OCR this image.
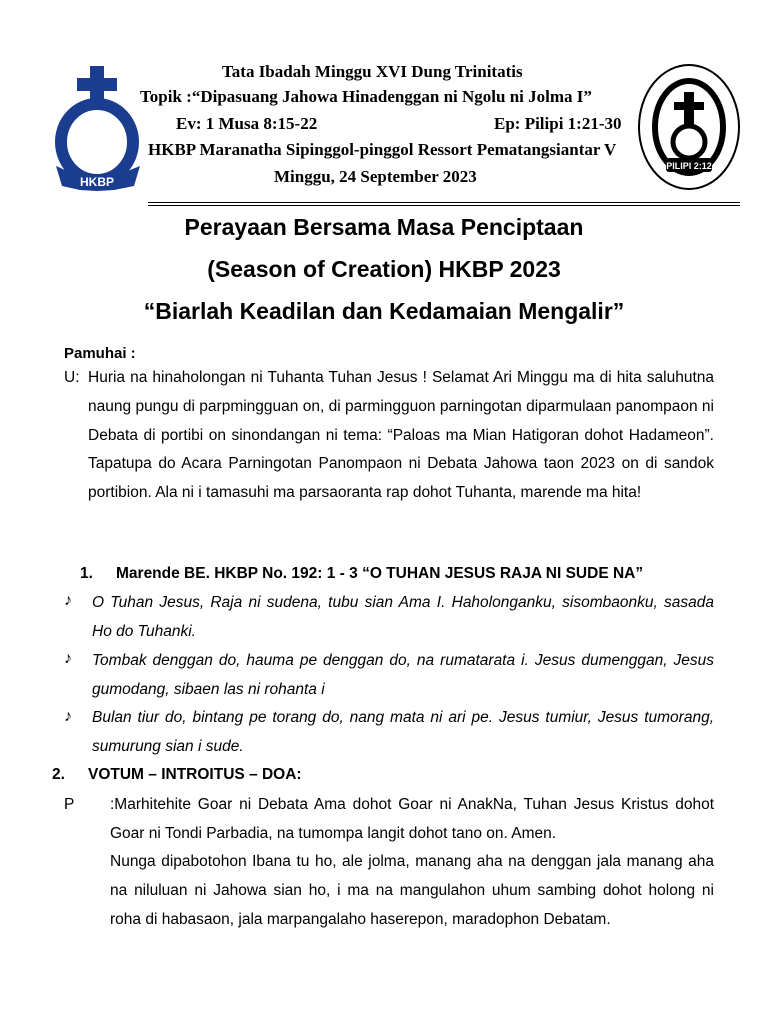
HKBP
PILIPI 2:12
Tata Ibadah Minggu XVI Dung Trinitatis
Topik :“Dipasuang Jahowa Hinadenggan ni Ngolu ni Jolma I”
Ev: 1 Musa 8:15-22	Ep: Pilipi 1:21-30
HKBP Maranatha Sipinggol-pinggol Ressort Pematangsiantar V
Minggu, 24 September 2023
Perayaan Bersama Masa Penciptaan
(Season of Creation) HKBP 2023
“Biarlah Keadilan dan Kedamaian Mengalir”
Pamuhai :
U: Huria na hinaholongan ni Tuhanta Tuhan Jesus ! Selamat Ari Minggu ma di hita saluhutna naung pungu di parpmingguan on, di parmingguon parningotan diparmulaan panompaon ni Debata di portibi on sinondangan ni tema: “Paloas ma Mian Hatigoran dohot Hadameon”. Tapatupa do Acara Parningotan Panompaon ni Debata Jahowa taon 2023 on di sandok portibion. Ala ni i tamasuhi ma parsaoranta rap dohot Tuhanta, marende ma hita!
1. Marende BE. HKBP No. 192: 1 - 3 “O TUHAN JESUS RAJA NI SUDE NA”
♪ O Tuhan Jesus, Raja ni sudena, tubu sian Ama I. Haholonganku, sisombaonku, sasada Ho do Tuhanki.
♪ Tombak denggan do, hauma pe denggan do, na rumatarata i. Jesus dumenggan, Jesus gumodang, sibaen las ni rohanta i
♪ Bulan tiur do, bintang pe torang do, nang mata ni ari pe. Jesus tumiur, Jesus tumorang, sumurung sian i sude.
2. VOTUM – INTROITUS – DOA:
P :Marhitehite Goar ni Debata Ama dohot Goar ni AnakNa, Tuhan Jesus Kristus dohot Goar ni Tondi Parbadia, na tumompa langit dohot tano on. Amen.
Nunga dipabotohon Ibana tu ho, ale jolma, manang aha na denggan jala manang aha na niluluan ni Jahowa sian ho, i ma na mangulahon uhum sambing dohot holong ni roha di habasaon, jala marpangalaho haserepon, maradophon Debatam.
